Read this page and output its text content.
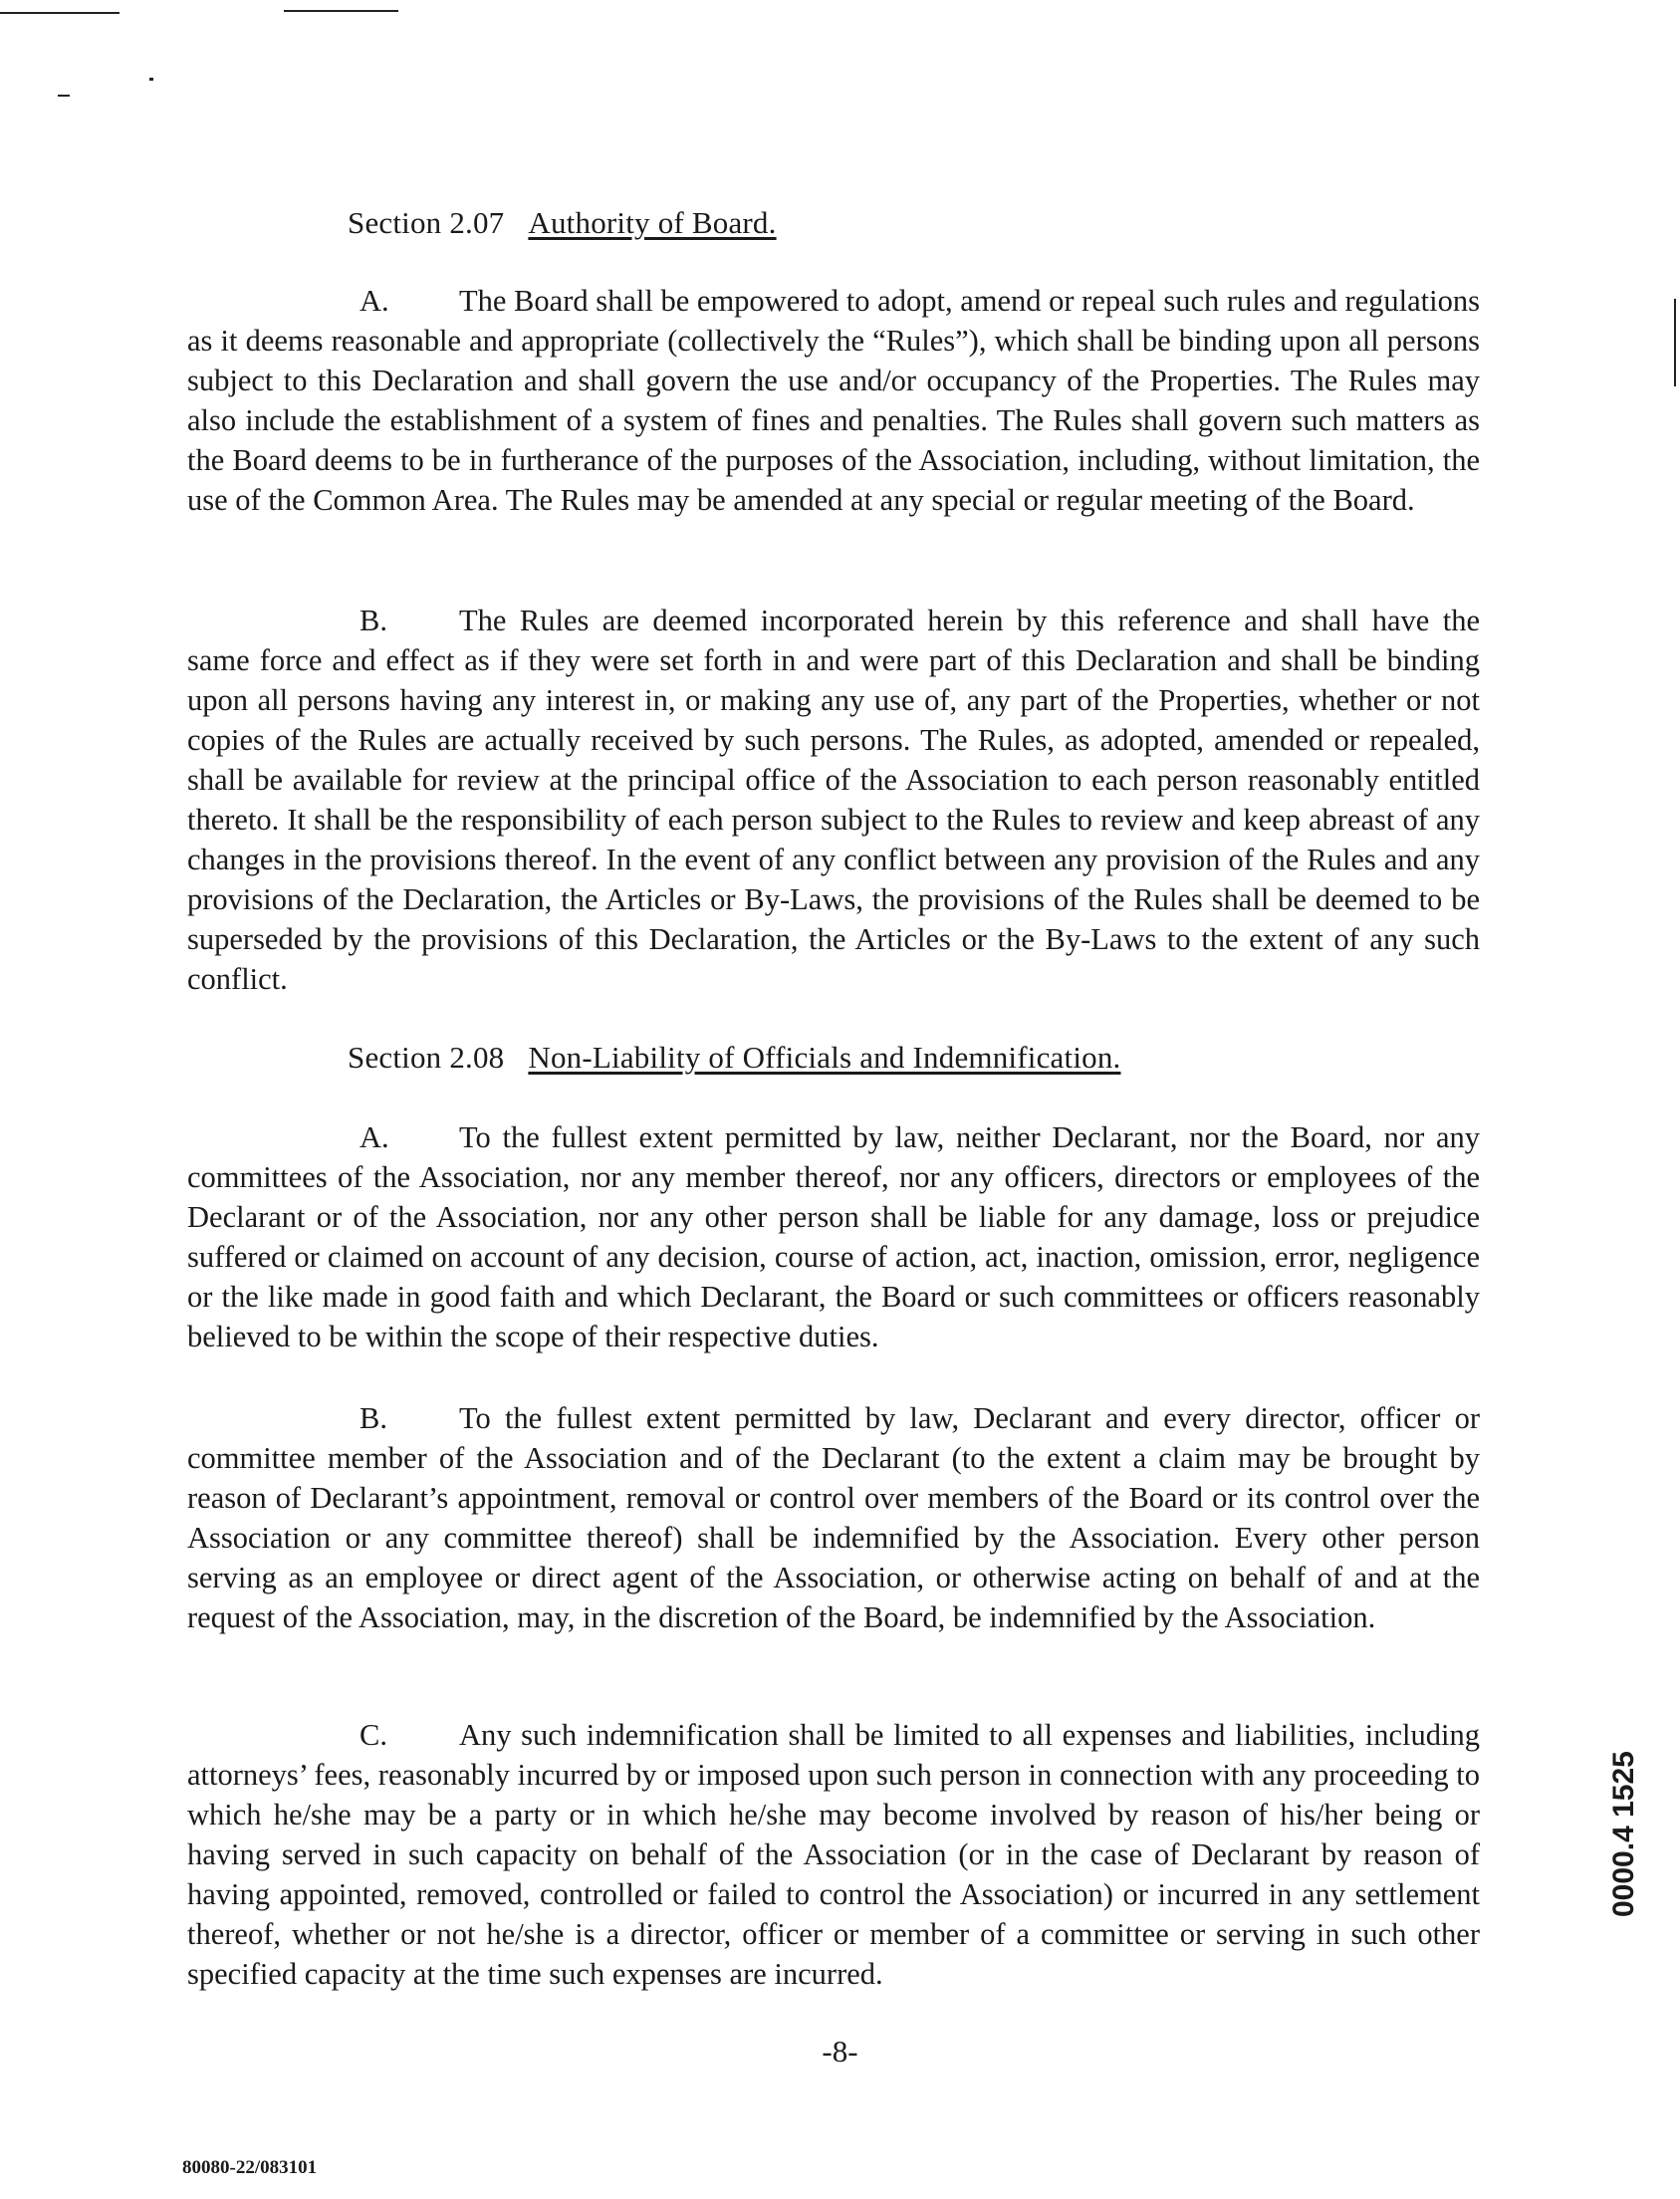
Section 2.07 Authority of Board.

A. The Board shall be empowered to adopt, amend or repeal such rules and regulations as it deems reasonable and appropriate (collectively the “Rules”), which shall be binding upon all persons subject to this Declaration and shall govern the use and/or occupancy of the Properties. The Rules may also include the establishment of a system of fines and penalties. The Rules shall govern such matters as the Board deems to be in furtherance of the purposes of the Association, including, without limitation, the use of the Common Area. The Rules may be amended at any special or regular meeting of the Board.

B. The Rules are deemed incorporated herein by this reference and shall have the same force and effect as if they were set forth in and were part of this Declaration and shall be binding upon all persons having any interest in, or making any use of, any part of the Properties, whether or not copies of the Rules are actually received by such persons. The Rules, as adopted, amended or repealed, shall be available for review at the principal office of the Association to each person reasonably entitled thereto. It shall be the responsibility of each person subject to the Rules to review and keep abreast of any changes in the provisions thereof. In the event of any conflict between any provision of the Rules and any provisions of the Declaration, the Articles or By-Laws, the provisions of the Rules shall be deemed to be superseded by the provisions of this Declaration, the Articles or the By-Laws to the extent of any such conflict.

Section 2.08 Non-Liability of Officials and Indemnification.

A. To the fullest extent permitted by law, neither Declarant, nor the Board, nor any committees of the Association, nor any member thereof, nor any officers, directors or employees of the Declarant or of the Association, nor any other person shall be liable for any damage, loss or prejudice suffered or claimed on account of any decision, course of action, act, inaction, omission, error, negligence or the like made in good faith and which Declarant, the Board or such committees or officers reasonably believed to be within the scope of their respective duties.

B. To the fullest extent permitted by law, Declarant and every director, officer or committee member of the Association and of the Declarant (to the extent a claim may be brought by reason of Declarant’s appointment, removal or control over members of the Board or its control over the Association or any committee thereof) shall be indemnified by the Association. Every other person serving as an employee or direct agent of the Association, or otherwise acting on behalf of and at the request of the Association, may, in the discretion of the Board, be indemnified by the Association.

C. Any such indemnification shall be limited to all expenses and liabilities, including attorneys’ fees, reasonably incurred by or imposed upon such person in connection with any proceeding to which he/she may be a party or in which he/she may become involved by reason of his/her being or having served in such capacity on behalf of the Association (or in the case of Declarant by reason of having appointed, removed, controlled or failed to control the Association) or incurred in any settlement thereof, whether or not he/she is a director, officer or member of a committee or serving in such other specified capacity at the time such expenses are incurred.

-8-
80080-22/083101
0000.4 1525
